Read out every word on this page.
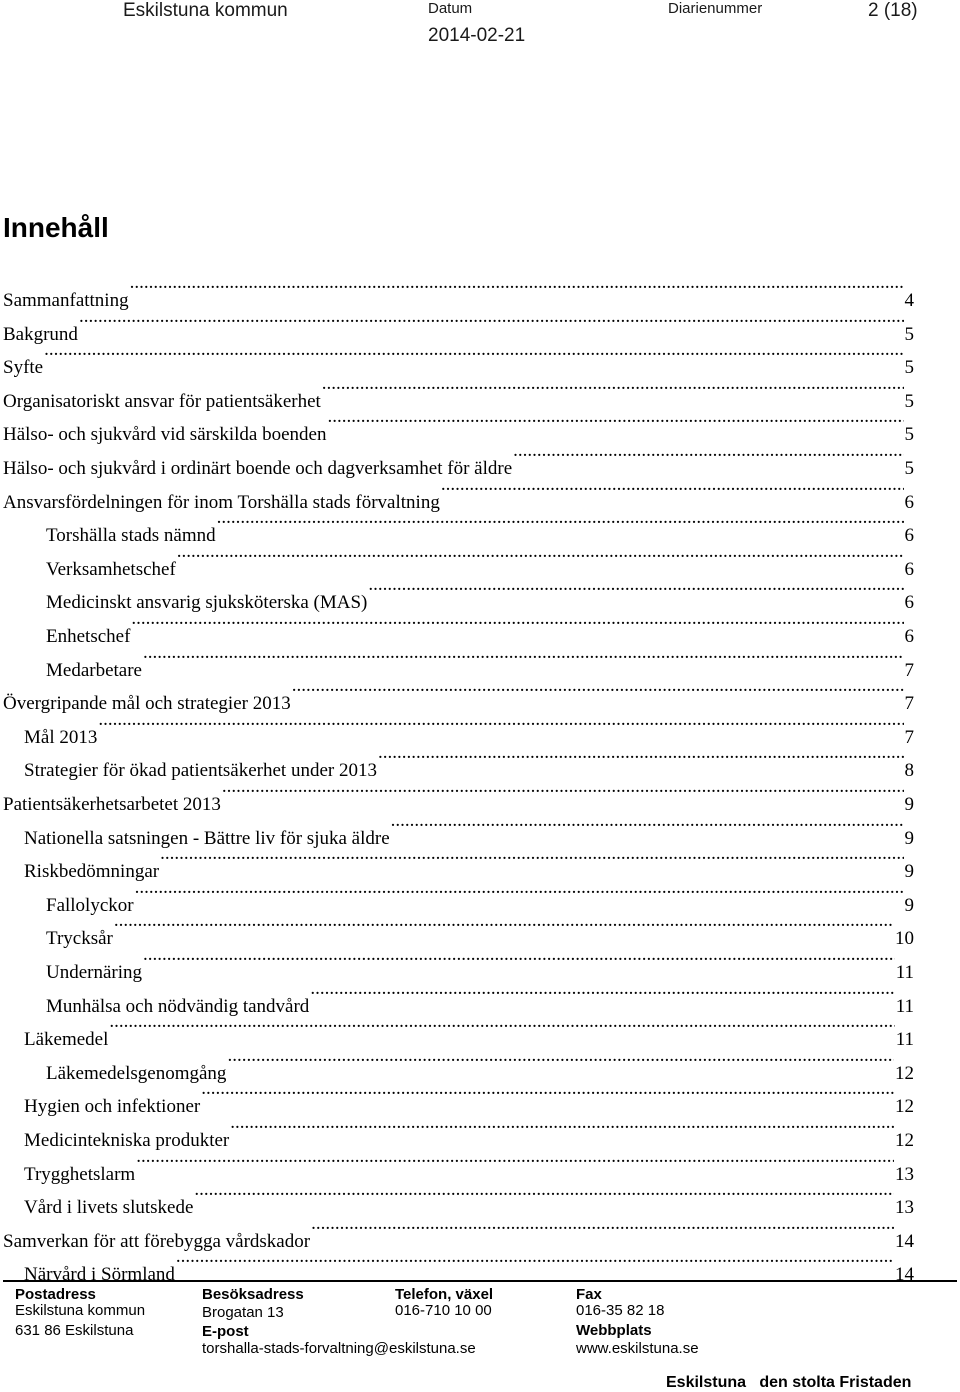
Eskilstuna kommun	Datum	Diarienummer	2 (18)
2014-02-21
Innehåll
Sammanfattning .....	4
Bakgrund .....	5
Syfte .....	5
Organisatoriskt ansvar för patientsäkerhet .....	5
Hälso- och sjukvård vid särskilda boenden .....	5
Hälso- och sjukvård i ordinärt boende och dagverksamhet för äldre .....	5
Ansvarsfördelningen för inom Torshälla stads förvaltning .....	6
Torshälla stads nämnd .....	6
Verksamhetschef .....	6
Medicinskt ansvarig sjuksköterska (MAS) .....	6
Enhetschef .....	6
Medarbetare .....	7
Övergripande mål och strategier 2013 .....	7
Mål 2013 .....	7
Strategier för ökad patientsäkerhet under 2013 .....	8
Patientsäkerhetsarbetet 2013 .....	9
Nationella satsningen - Bättre liv för sjuka äldre .....	9
Riskbedömningar .....	9
Fallolyckor .....	9
Trycksår .....	10
Undernäring .....	11
Munhälsa och nödvändig tandvård .....	11
Läkemedel .....	11
Läkemedelsgenomgång .....	12
Hygien och infektioner .....	12
Medicintekniska produkter .....	12
Trygghetslarm .....	13
Vård i livets slutskede .....	13
Samverkan för att förebygga vårdskador .....	14
Närvård i Sörmland .....	14
Postadress
Eskilstuna kommun
631 86 Eskilstuna
Besöksadress
Brogatan 13
E-post
torshalla-stads-forvaltning@eskilstuna.se
Telefon, växel
016-710 10 00
Fax
016-35 82 18
Webbplats
www.eskilstuna.se
Eskilstuna   den stolta Fristaden
